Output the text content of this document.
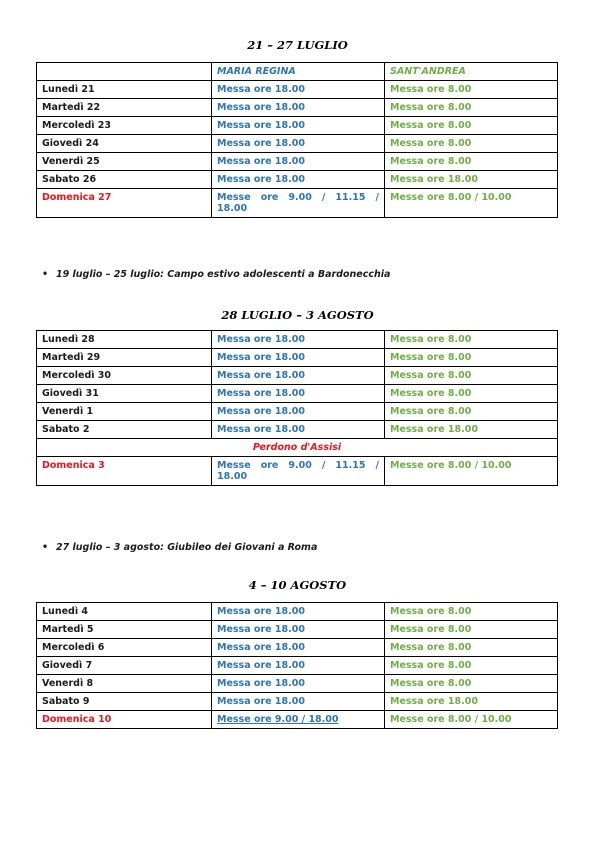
21 – 27 LUGLIO
	MARIA REGINA	SANT'ANDREA
Lunedì 21	Messa ore 18.00	Messa ore 8.00
Martedì 22	Messa ore 18.00	Messa ore 8.00
Mercoledì 23	Messa ore 18.00	Messa ore 8.00
Giovedì 24	Messa ore 18.00	Messa ore 8.00
Venerdì 25	Messa ore 18.00	Messa ore 8.00
Sabato 26	Messa ore 18.00	Messa ore 18.00
Domenica 27	Messe ore 9.00 / 11.15 / 18.00	Messe ore 8.00 / 10.00
• 19 luglio – 25 luglio: Campo estivo adolescenti a Bardonecchia
28 LUGLIO – 3 AGOSTO
Lunedì 28	Messa ore 18.00	Messa ore 8.00
Martedì 29	Messa ore 18.00	Messa ore 8.00
Mercoledì 30	Messa ore 18.00	Messa ore 8.00
Giovedì 31	Messa ore 18.00	Messa ore 8.00
Venerdì 1	Messa ore 18.00	Messa ore 8.00
Sabato 2	Messa ore 18.00	Messa ore 18.00
Perdono d'Assisi		
Domenica 3	Messe ore 9.00 / 11.15 / 18.00	Messe ore 8.00 / 10.00
• 27 luglio – 3 agosto: Giubileo dei Giovani a Roma
4 – 10 AGOSTO
Lunedì 4	Messa ore 18.00	Messa ore 8.00
Martedì 5	Messa ore 18.00	Messa ore 8.00
Mercoledì 6	Messa ore 18.00	Messa ore 8.00
Giovedì 7	Messa ore 18.00	Messa ore 8.00
Venerdì 8	Messa ore 18.00	Messa ore 8.00
Sabato 9	Messa ore 18.00	Messa ore 18.00
Domenica 10	Messe ore 9.00 / 18.00	Messe ore 8.00 / 10.00
